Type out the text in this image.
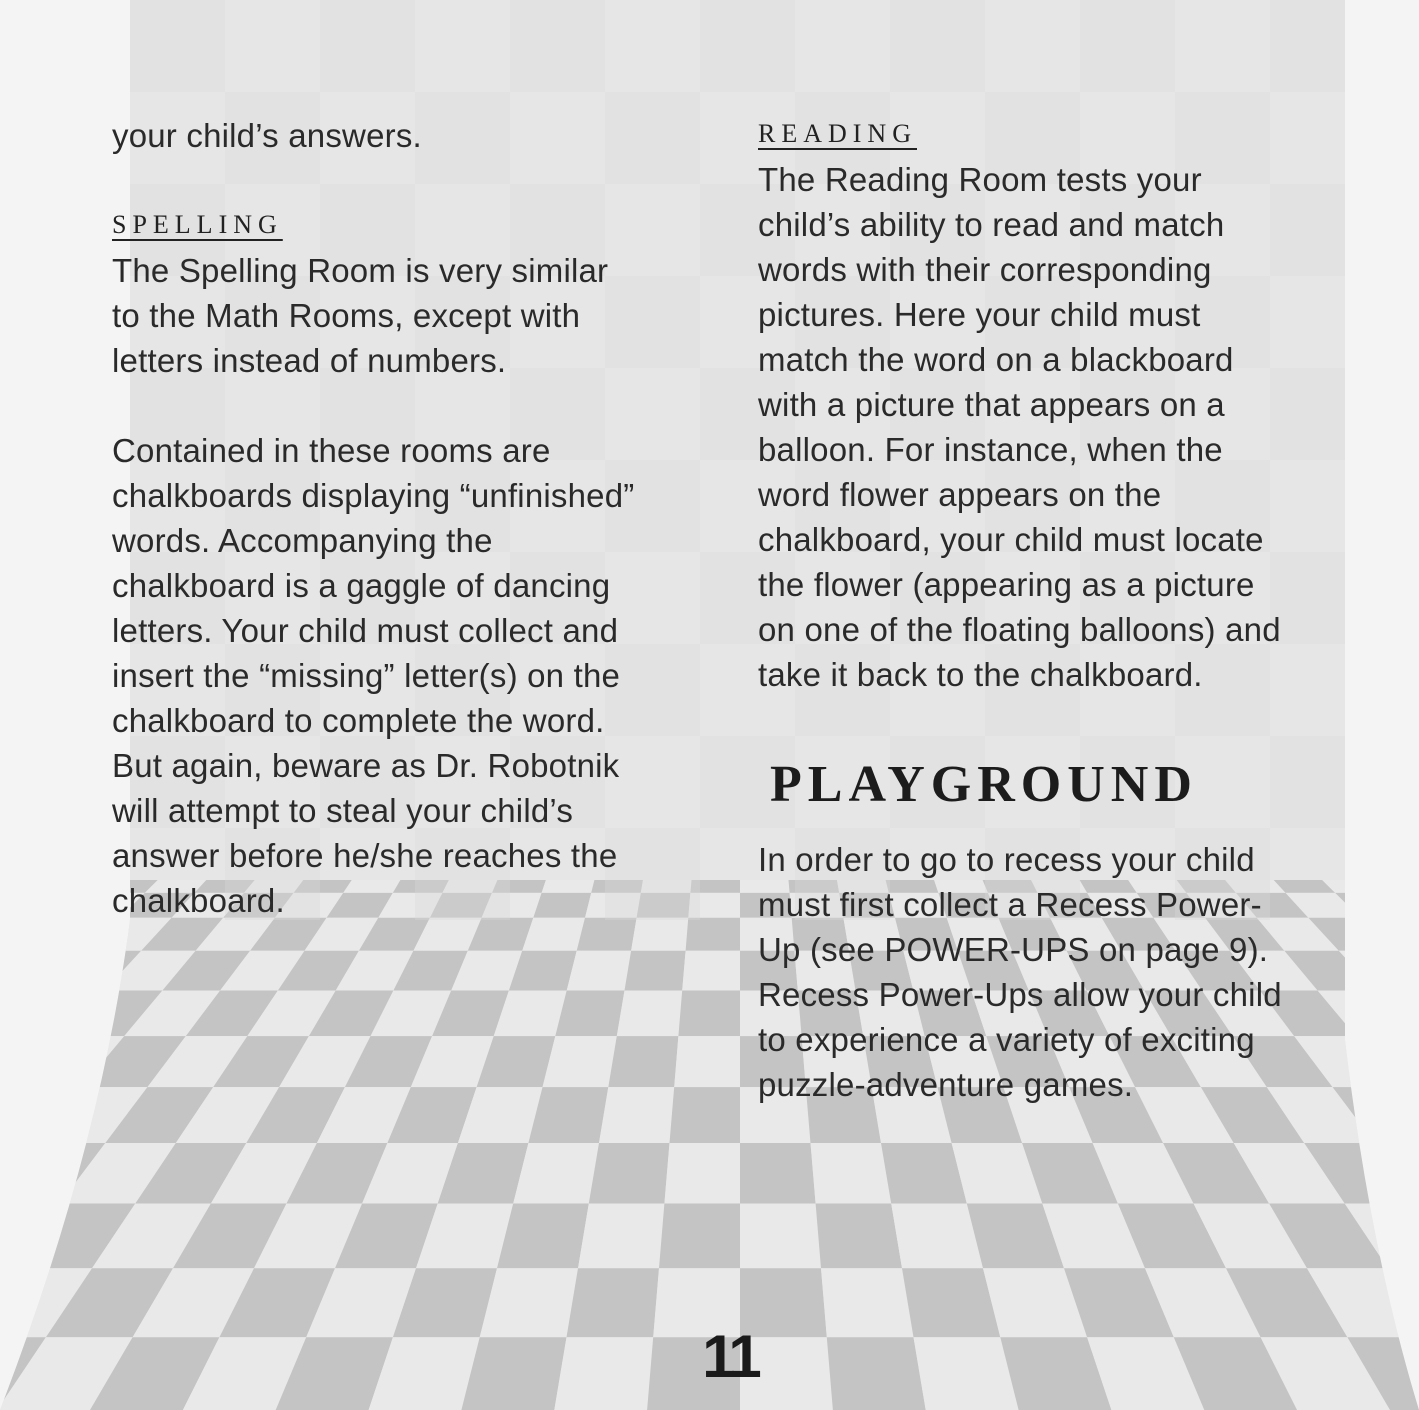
your child’s answers.

SPELLING

The Spelling Room is very similar
to the Math Rooms, except with
letters instead of numbers.

Contained in these rooms are
chalkboards displaying “unfinished”
words. Accompanying the
chalkboard is a gaggle of dancing
letters. Your child must collect and
insert the “missing” letter(s) on the
chalkboard to complete the word.
But again, beware as Dr. Robotnik
will attempt to steal your child’s
answer before he/she reaches the
chalkboard.

READING

The Reading Room tests your
child’s ability to read and match
words with their corresponding
pictures. Here your child must
match the word on a blackboard
with a picture that appears on a
balloon. For instance, when the
word flower appears on the
chalkboard, your child must locate
the flower (appearing as a picture
on one of the floating balloons) and
take it back to the chalkboard.

PLAYGROUND

In order to go to recess your child
must first collect a Recess Power-
Up (see POWER-UPS on page 9).
Recess Power-Ups allow your child
to experience a variety of exciting
puzzle-adventure games.

11
